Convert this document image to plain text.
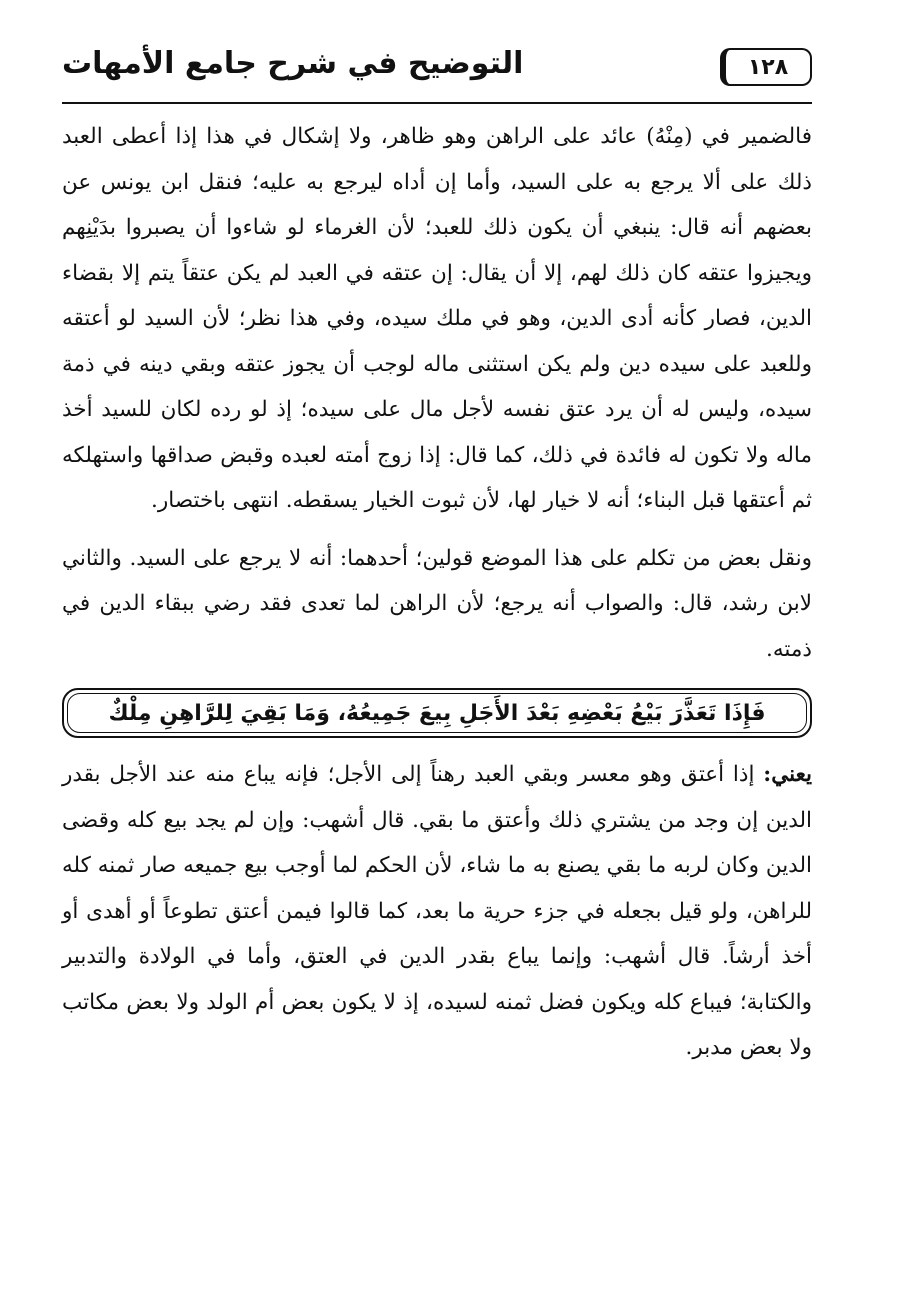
١٢٨
التوضيح في شرح جامع الأمهات

فالضمير في (مِنْهُ) عائد على الراهن وهو ظاهر، ولا إشكال في هذا إذا أعطى العبد ذلك على ألا يرجع به على السيد، وأما إن أداه ليرجع به عليه؛ فنقل ابن يونس عن بعضهم أنه قال: ينبغي أن يكون ذلك للعبد؛ لأن الغرماء لو شاءوا أن يصبروا بدَيْنِهم ويجيزوا عتقه كان ذلك لهم، إلا أن يقال: إن عتقه في العبد لم يكن عتقاً يتم إلا بقضاء الدين، فصار كأنه أدى الدين، وهو في ملك سيده، وفي هذا نظر؛ لأن السيد لو أعتقه وللعبد على سيده دين ولم يكن استثنى ماله لوجب أن يجوز عتقه وبقي دينه في ذمة سيده، وليس له أن يرد عتق نفسه لأجل مال على سيده؛ إذ لو رده لكان للسيد أخذ ماله ولا تكون له فائدة في ذلك، كما قال: إذا زوج أمته لعبده وقبض صداقها واستهلكه ثم أعتقها قبل البناء؛ أنه لا خيار لها، لأن ثبوت الخيار يسقطه. انتهى باختصار.

ونقل بعض من تكلم على هذا الموضع قولين؛ أحدهما: أنه لا يرجع على السيد. والثاني لابن رشد، قال: والصواب أنه يرجع؛ لأن الراهن لما تعدى فقد رضي ببقاء الدين في ذمته.

فَإِذَا تَعَذَّرَ بَيْعُ بَعْضِهِ بَعْدَ الأَجَلِ بِيعَ جَمِيعُهُ، وَمَا بَقِيَ لِلرَّاهِنِ مِلْكٌ

يعني: إذا أعتق وهو معسر وبقي العبد رهناً إلى الأجل؛ فإنه يباع منه عند الأجل بقدر الدين إن وجد من يشتري ذلك وأعتق ما بقي. قال أشهب: وإن لم يجد بيع كله وقضى الدين وكان لربه ما بقي يصنع به ما شاء، لأن الحكم لما أوجب بيع جميعه صار ثمنه كله للراهن، ولو قيل بجعله في جزء حرية ما بعد، كما قالوا فيمن أعتق تطوعاً أو أهدى أو أخذ أرشاً. قال أشهب: وإنما يباع بقدر الدين في العتق، وأما في الولادة والتدبير والكتابة؛ فيباع كله ويكون فضل ثمنه لسيده، إذ لا يكون بعض أم الولد ولا بعض مكاتب ولا بعض مدبر.
